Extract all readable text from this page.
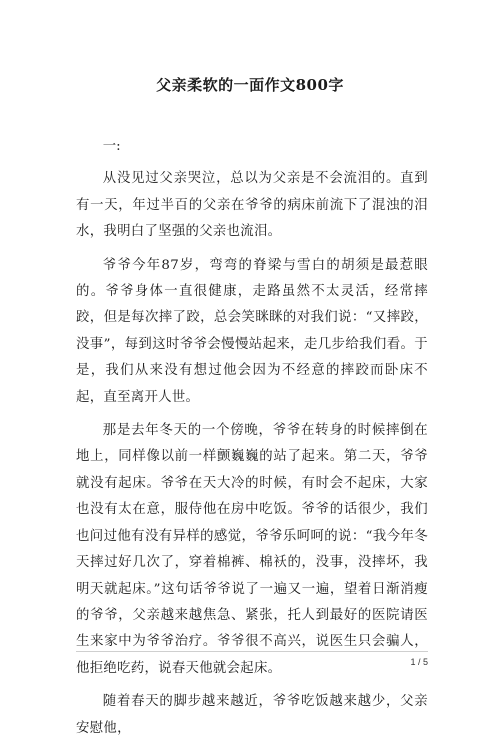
父亲柔软的一面作文800字

一:

从没见过父亲哭泣，总以为父亲是不会流泪的。直到有一天，年过半百的父亲在爷爷的病床前流下了混浊的泪水，我明白了坚强的父亲也流泪。

爷爷今年87岁，弯弯的脊梁与雪白的胡须是最惹眼的。爷爷身体一直很健康，走路虽然不太灵活，经常摔跤，但是每次摔了跤，总会笑眯眯的对我们说：“又摔跤，没事”，每到这时爷爷会慢慢站起来，走几步给我们看。于是，我们从来没有想过他会因为不经意的摔跤而卧床不起，直至离开人世。

那是去年冬天的一个傍晚，爷爷在转身的时候摔倒在地上，同样像以前一样颤巍巍的站了起来。第二天，爷爷就没有起床。爷爷在天大冷的时候，有时会不起床，大家也没有太在意，服侍他在房中吃饭。爷爷的话很少，我们也问过他有没有异样的感觉，爷爷乐呵呵的说：“我今年冬天摔过好几次了，穿着棉裤、棉袄的，没事，没摔坏，我明天就起床。”这句话爷爷说了一遍又一遍，望着日渐消瘦的爷爷，父亲越来越焦急、紧张，托人到最好的医院请医生来家中为爷爷治疗。爷爷很不高兴，说医生只会骗人，他拒绝吃药，说春天他就会起床。

随着春天的脚步越来越近，爷爷吃饭越来越少，父亲安慰他，

1 / 5
